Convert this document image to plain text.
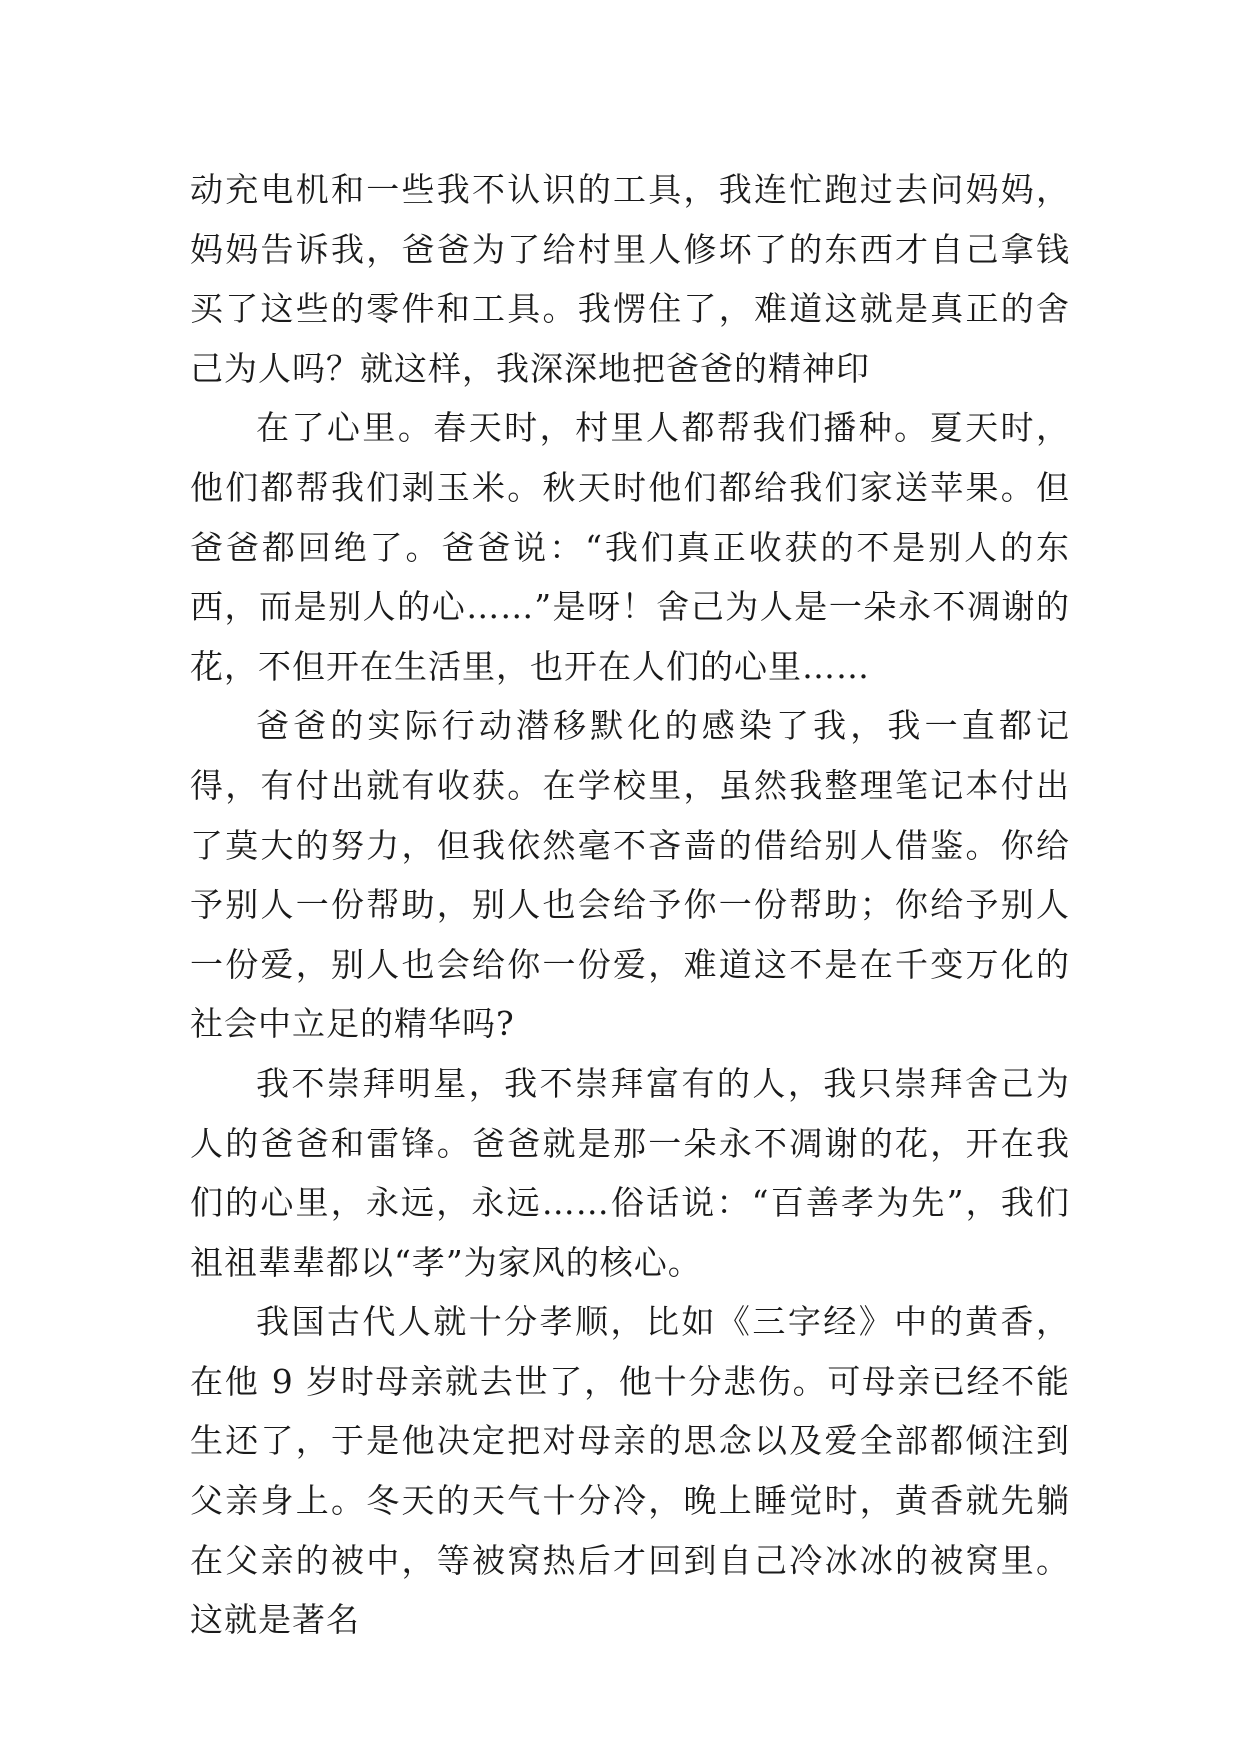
动充电机和一些我不认识的工具，我连忙跑过去问妈妈，妈妈告诉我，爸爸为了给村里人修坏了的东西才自己拿钱买了这些的零件和工具。我愣住了，难道这就是真正的舍己为人吗？就这样，我深深地把爸爸的精神印

在了心里。春天时，村里人都帮我们播种。夏天时，他们都帮我们剥玉米。秋天时他们都给我们家送苹果。但爸爸都回绝了。爸爸说：“我们真正收获的不是别人的东西，而是别人的心……”是呀！舍己为人是一朵永不凋谢的花，不但开在生活里，也开在人们的心里……

爸爸的实际行动潜移默化的感染了我，我一直都记得，有付出就有收获。在学校里，虽然我整理笔记本付出了莫大的努力，但我依然毫不吝啬的借给别人借鉴。你给予别人一份帮助，别人也会给予你一份帮助；你给予别人一份爱，别人也会给你一份爱，难道这不是在千变万化的社会中立足的精华吗?

我不崇拜明星，我不崇拜富有的人，我只崇拜舍己为人的爸爸和雷锋。爸爸就是那一朵永不凋谢的花，开在我们的心里，永远，永远……俗话说：“百善孝为先”，我们祖祖辈辈都以“孝”为家风的核心。

我国古代人就十分孝顺，比如《三字经》中的黄香，在他 9 岁时母亲就去世了，他十分悲伤。可母亲已经不能生还了，于是他决定把对母亲的思念以及爱全部都倾注到父亲身上。冬天的天气十分冷，晚上睡觉时，黄香就先躺在父亲的被中，等被窝热后才回到自己冷冰冰的被窝里。这就是著名
